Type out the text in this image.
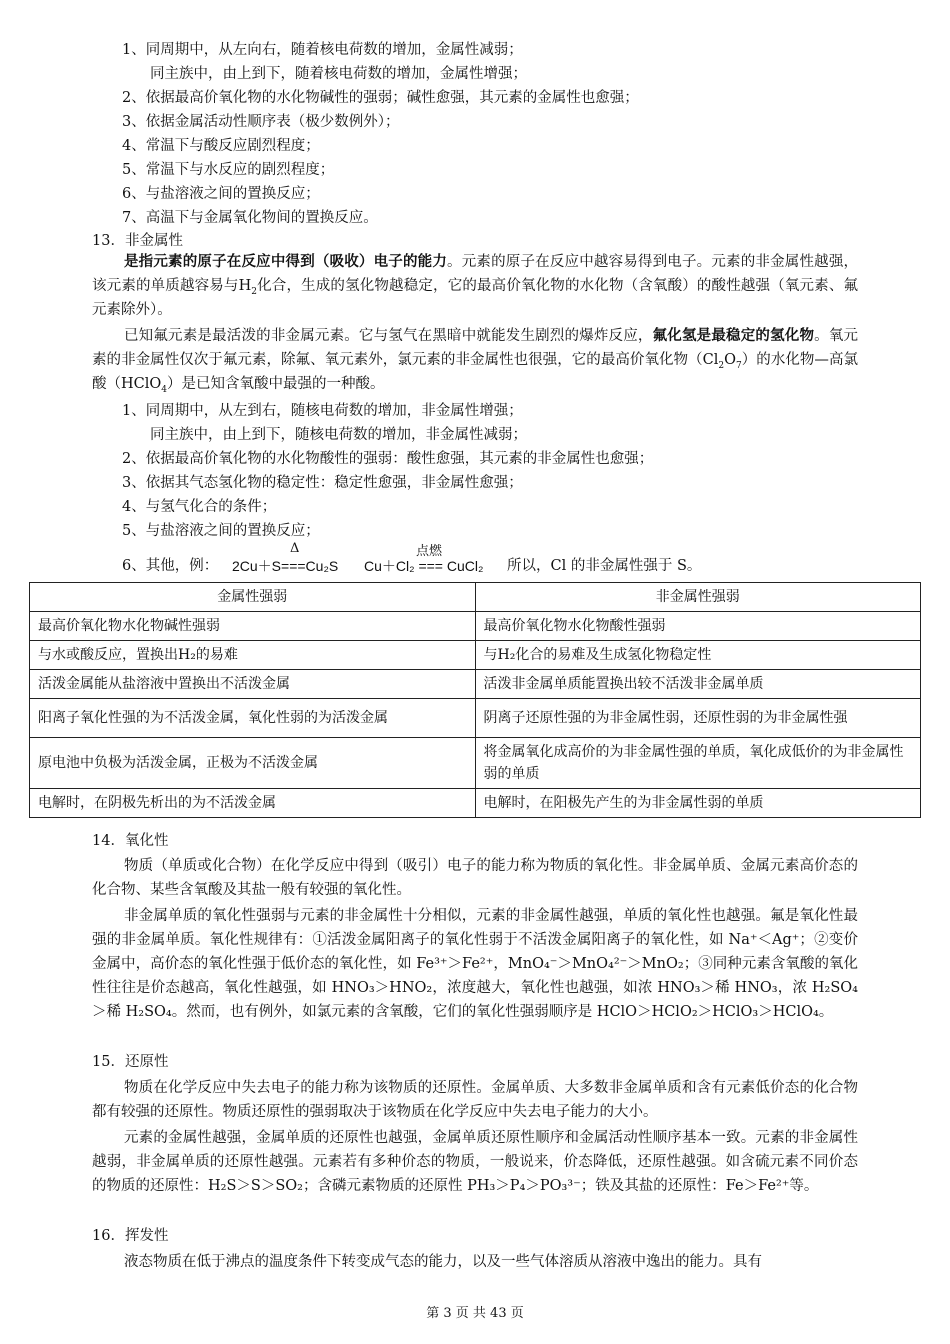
1、同周期中，从左向右，随着核电荷数的增加，金属性减弱；
同主族中，由上到下，随着核电荷数的增加，金属性增强；
2、依据最高价氧化物的水化物碱性的强弱；碱性愈强，其元素的金属性也愈强；
3、依据金属活动性顺序表（极少数例外）；
4、常温下与酸反应剧烈程度；
5、常温下与水反应的剧烈程度；
6、与盐溶液之间的置换反应；
7、高温下与金属氧化物间的置换反应。
13．非金属性
是指元素的原子在反应中得到（吸收）电子的能力。元素的原子在反应中越容易得到电子。元素的非金属性越强，该元素的单质越容易与$H_2$化合，生成的氢化物越稳定，它的最高价氧化物的水化物（含氧酸）的酸性越强（氧元素、氟元素除外）。
已知氟元素是最活泼的非金属元素。它与氢气在黑暗中就能发生剧烈的爆炸反应，氟化氢是最稳定的氢化物。氧元素的非金属性仅次于氟元素，除氟、氧元素外，氯元素的非金属性也很强，它的最高价氧化物$(Cl_2O_7)$的水化物—高氯酸（HClO$_4$）是已知含氧酸中最强的一种酸。
1、同周期中，从左到右，随核电荷数的增加，非金属性增强；
同主族中，由上到下，随核电荷数的增加，非金属性减弱；
2、依据最高价氧化物的水化物酸性的强弱：酸性愈强，其元素的非金属性也愈强；
3、依据其气态氢化物的稳定性：稳定性愈强，非金属性愈强；
4、与氢气化合的条件；
5、与盐溶液之间的置换反应；
6、其他，例：
Δ
2Cu＋S===Cu₂S
点燃
Cu＋Cl₂ === CuCl₂ 所以，Cl 的非金属性强于 S。
金属性强弱	非金属性强弱
最高价氧化物水化物碱性强弱	最高价氧化物水化物酸性强弱
与水或酸反应，置换出H₂的易难	与H₂化合的易难及生成氢化物稳定性
活泼金属能从盐溶液中置换出不活泼金属	活泼非金属单质能置换出较不活泼非金属单质
阳离子氧化性强的为不活泼金属，氧化性弱的为活泼金属	阴离子还原性强的为非金属性弱，还原性弱的为非金属性强
原电池中负极为活泼金属，正极为不活泼金属	将金属氧化成高价的为非金属性强的单质，氧化成低价的为非金属性弱的单质
电解时，在阴极先析出的为不活泼金属	电解时，在阳极先产生的为非金属性弱的单质
14．氧化性
物质（单质或化合物）在化学反应中得到（吸引）电子的能力称为物质的氧化性。非金属单质、金属元素高价态的化合物、某些含氧酸及其盐一般有较强的氧化性。
非金属单质的氧化性强弱与元素的非金属性十分相似，元素的非金属性越强，单质的氧化性也越强。氟是氧化性最强的非金属单质。氧化性规律有：①活泼金属阳离子的氧化性弱于不活泼金属阳离子的氧化性，如 Na⁺＜Ag⁺；②变价金属中，高价态的氧化性强于低价态的氧化性，如 Fe³⁺＞Fe²⁺，MnO₄⁻＞MnO₄²⁻＞MnO₂；③同种元素含氧酸的氧化性往往是价态越高，氧化性越强，如 HNO₃＞HNO₂，浓度越大，氧化性也越强，如浓 HNO₃＞稀 HNO₃，浓 H₂SO₄＞稀 H₂SO₄。然而，也有例外，如氯元素的含氧酸，它们的氧化性强弱顺序是 HClO＞HClO₂＞HClO₃＞HClO₄。
15．还原性
物质在化学反应中失去电子的能力称为该物质的还原性。金属单质、大多数非金属单质和含有元素低价态的化合物都有较强的还原性。物质还原性的强弱取决于该物质在化学反应中失去电子能力的大小。
元素的金属性越强，金属单质的还原性也越强，金属单质还原性顺序和金属活动性顺序基本一致。元素的非金属性越弱，非金属单质的还原性越强。元素若有多种价态的物质，一般说来，价态降低，还原性越强。如含硫元素不同价态的物质的还原性：H₂S＞S＞SO₂；含磷元素物质的还原性 PH₃＞P₄＞PO₃³⁻；铁及其盐的还原性：Fe＞Fe²⁺等。
16．挥发性
液态物质在低于沸点的温度条件下转变成气态的能力，以及一些气体溶质从溶液中逸出的能力。具有
第 3 页 共 43 页
